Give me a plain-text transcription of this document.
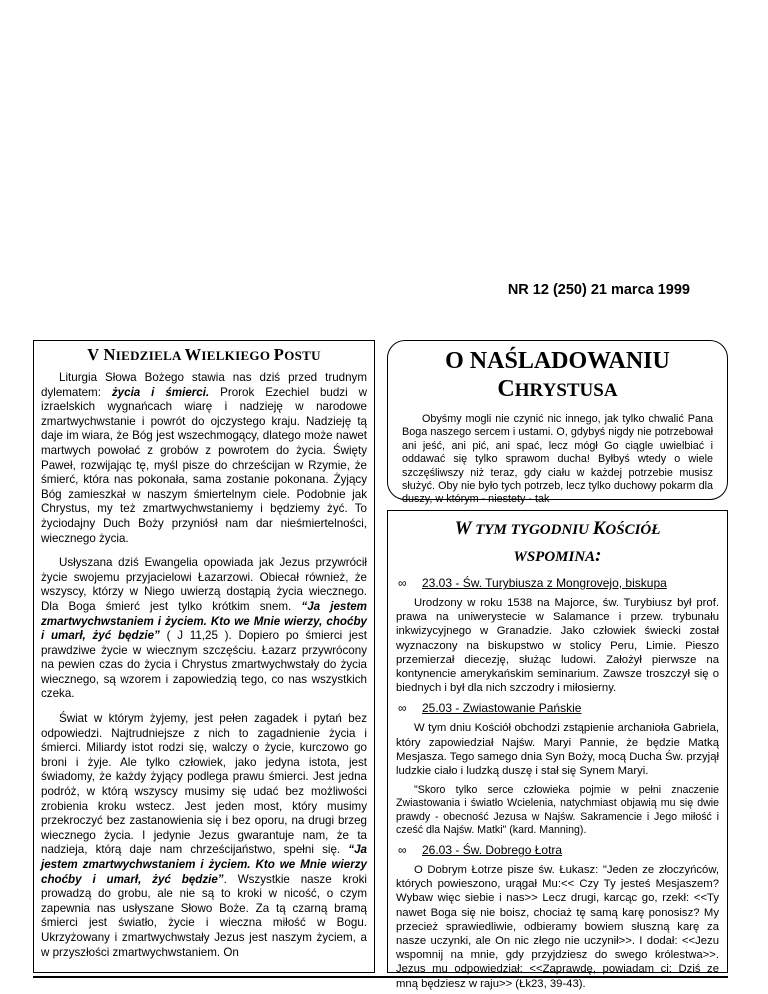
NR 12 (250) 21 marca 1999
V NIEDZIELA WIELKIEGO POSTU

Liturgia Słowa Bożego stawia nas dziś przed trudnym dylematem: życia i śmierci. Prorok Ezechiel budzi w izraelskich wygnańcach wiarę i nadzieję w narodowe zmartwychwstanie i powrót do ojczystego kraju. Nadzieję tą daje im wiara, że Bóg jest wszechmogący, dlatego może nawet martwych powołać z grobów z powrotem do życia. Święty Paweł, rozwijając tę, myśl pisze do chrześcijan w Rzymie, że śmierć, która nas pokonała, sama zostanie pokonana. Żyjący Bóg zamieszkał w naszym śmiertelnym ciele. Podobnie jak Chrystus, my też zmartwychwstaniemy i będziemy żyć. To życiodajny Duch Boży przyniósł nam dar nieśmiertelności, wiecznego życia.

Usłyszana dziś Ewangelia opowiada jak Jezus przywrócił życie swojemu przyjacielowi Łazarzowi. Obiecał również, że wszyscy, którzy w Niego uwierzą dostąpią życia wiecznego. Dla Boga śmierć jest tylko krótkim snem. “Ja jestem zmartwychwstaniem i życiem. Kto we Mnie wierzy, choćby i umarł, żyć będzie” ( J 11,25 ). Dopiero po śmierci jest prawdziwe życie w wiecznym szczęściu. Łazarz przywrócony na pewien czas do życia i Chrystus zmartwychwstały do życia wiecznego, są wzorem i zapowiedzią tego, co nas wszystkich czeka.

Świat w którym żyjemy, jest pełen zagadek i pytań bez odpowiedzi. Najtrudniejsze z nich to zagadnienie życia i śmierci. Miliardy istot rodzi się, walczy o życie, kurczowo go broni i żyje. Ale tylko człowiek, jako jedyna istota, jest świadomy, że każdy żyjący podlega prawu śmierci. Jest jedna podróż, w którą wszyscy musimy się udać bez możliwości zrobienia kroku wstecz. Jest jeden most, który musimy przekroczyć bez zastanowienia się i bez oporu, na drugi brzeg wiecznego życia. I jedynie Jezus gwarantuje nam, że ta nadzieja, którą daje nam chrześcijaństwo, spełni się. “Ja jestem zmartwychwstaniem i życiem. Kto we Mnie wierzy choćby i umarł, żyć będzie”. Wszystkie nasze kroki prowadzą do grobu, ale nie są to kroki w nicość, o czym zapewnia nas usłyszane Słowo Boże. Za tą czarną bramą śmierci jest światło, życie i wieczna miłość w Bogu. Ukrzyżowany i zmartwychwstały Jezus jest naszym życiem, a w przyszłości zmartwychwstaniem. On

O NAŚLADOWANIU
CHRYSTUSA

Obyśmy mogli nie czynić nic innego, jak tylko chwalić Pana Boga naszego sercem i ustami. O, gdybyś nigdy nie potrzebował ani jeść, ani pić, ani spać, lecz mógł Go ciągle uwielbiać i oddawać się tylko sprawom ducha! Byłbyś wtedy o wiele szczęśliwszy niż teraz, gdy ciału w każdej potrzebie musisz służyć. Oby nie było tych potrzeb, lecz tylko duchowy pokarm dla duszy, w którym - niestety - tak

W TYM TYGODNIU KOŚCIÓŁ
WSPOMINA:
∞	23.03 - Św. Turybiusza z Mongrovejo, biskupa

Urodzony w roku 1538 na Majorce, św. Turybiusz był prof. prawa na uniwerystecie w Salamance i przew. trybunału inkwizycyjnego w Granadzie. Jako człowiek świecki został wyznaczony na biskupstwo w stolicy Peru, Limie. Pieszo przemierzał diecezję, służąc ludowi. Założył pierwsze na kontynencie amerykańskim seminarium. Zawsze troszczył się o biednych i był dla nich szczodry i miłosierny.

∞	25.03 - Zwiastowanie Pańskie

W tym dniu Kościół obchodzi zstąpienie archanioła Gabriela, który zapowiedział Najśw. Maryi Pannie, że będzie Matką Mesjasza. Tego samego dnia Syn Boży, mocą Ducha Św. przyjął ludzkie ciało i ludzką duszę i stał się Synem Maryi.

"Skoro tylko serce człowieka pojmie w pełni znaczenie Zwiastowania i światło Wcielenia, natychmiast objawią mu się dwie prawdy - obecność Jezusa w Najśw. Sakramencie i Jego miłość i cześć dla Najśw. Matki" (kard. Manning).

∞	26.03 - Św. Dobrego Łotra

O Dobrym Łotrze pisze św. Łukasz: "Jeden ze złoczyńców, których powieszono, urągał Mu:<< Czy Ty jesteś Mesjaszem? Wybaw więc siebie i nas>> Lecz drugi, karcąc go, rzekł: <<Ty nawet Boga się nie boisz, chociaż tę samą karę ponosisz? My przecież sprawiedliwie, odbieramy bowiem słuszną karę za nasze uczynki, ale On nic złego nie uczynił>>. I dodał: <<Jezu wspomnij na mnie, gdy przyjdziesz do swego królestwa>>. Jezus mu odpowiedział: <<Zaprawdę, powiadam ci: Dziś ze mną będziesz w raju>> (Łk23, 39-43).
